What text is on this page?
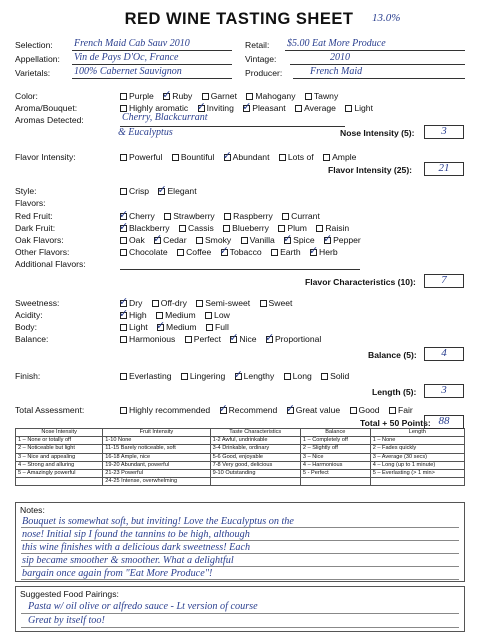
RED WINE TASTING SHEET	13.0%
Selection: French Maid Cab Sauv 2010
Appellation: Vin de Pays D'Oc, France
Varietals: 100% Cabernet Sauvignon
Retail: $5.00 Eat More Produce
Vintage:	2010
Producer:	French Maid
Color:	Purple ✓ Ruby Garnet Mahogany Tawny
Aroma/Bouquet:	Highly aromatic ✓ Inviting ✓ Pleasant Average Light
Aromas Detected:	Cherry, Blackcurrant
& Eucalyptus	Nose Intensity (5):	3
Flavor Intensity:	Powerful Bountiful ✓ Abundant Lots of Ample
Flavor Intensity (25):	21
Style:	Crisp ✓ Elegant
Flavors:
Red Fruit:	✓ Cherry Strawberry Raspberry Currant
Dark Fruit:	✓ Blackberry Cassis Blueberry Plum Raisin
Oak Flavors:	Oak ✓ Cedar Smoky Vanilla ✓ Spice ✓ Pepper
Other Flavors:	Chocolate Coffee ✓ Tobacco Earth ✓ Herb
Additional Flavors:
Flavor Characteristics (10):	7
Sweetness:	✓ Dry Off-dry Semi-sweet Sweet
Acidity:	✓ High Medium Low
Body:	Light ✓ Medium Full
Balance:	Harmonious Perfect ✓ Nice ✓ Proportional
Balance (5):	4
Finish:	Everlasting Lingering ✓ Lengthy Long Solid
Length (5):	3
Total Assessment:	Highly recommended ✓ Recommend ✓ Great value Good Fair
Nose Intensity	Fruit Intensity	Taste Characteristics	Balance	Length
1 – None or totally off	1-10 None	1-2 Awful, undrinkable	1 – Completely off	1 – None
2 – Noticeable but light	11-15 Barely noticeable, soft	3-4 Drinkable, ordinary	2 – Slightly off	2 – Fades quickly
3 – Nice and appealing	16-18 Ample, nice	5-6 Good, enjoyable	3 – Nice	3 – Average (30 secs)
4 – Strong and alluring	19-20 Abundant, powerful	7-8 Very good, delicious	4 – Harmonious	4 – Long (up to 1 minute)
5 – Amazingly powerful	21-23 Powerful	9-10 Outstanding	5 - Perfect	5 – Everlasting (> 1 min>
	24-25 Intense, overwhelming			
Total + 50 Points:
Notes:
Bouquet is somewhat soft, but inviting! Love the Eucalyptus on the
nose! Initial sip I found the tannins to be high, although
this wine finishes with a delicious dark sweetness! Each
sip became smoother & smoother. What a delightful
bargain once again from "Eat More Produce"!
Suggested Food Pairings:
Pasta w/ oil olive or alfredo sauce - Lt version of course
Great by itself too!
88
